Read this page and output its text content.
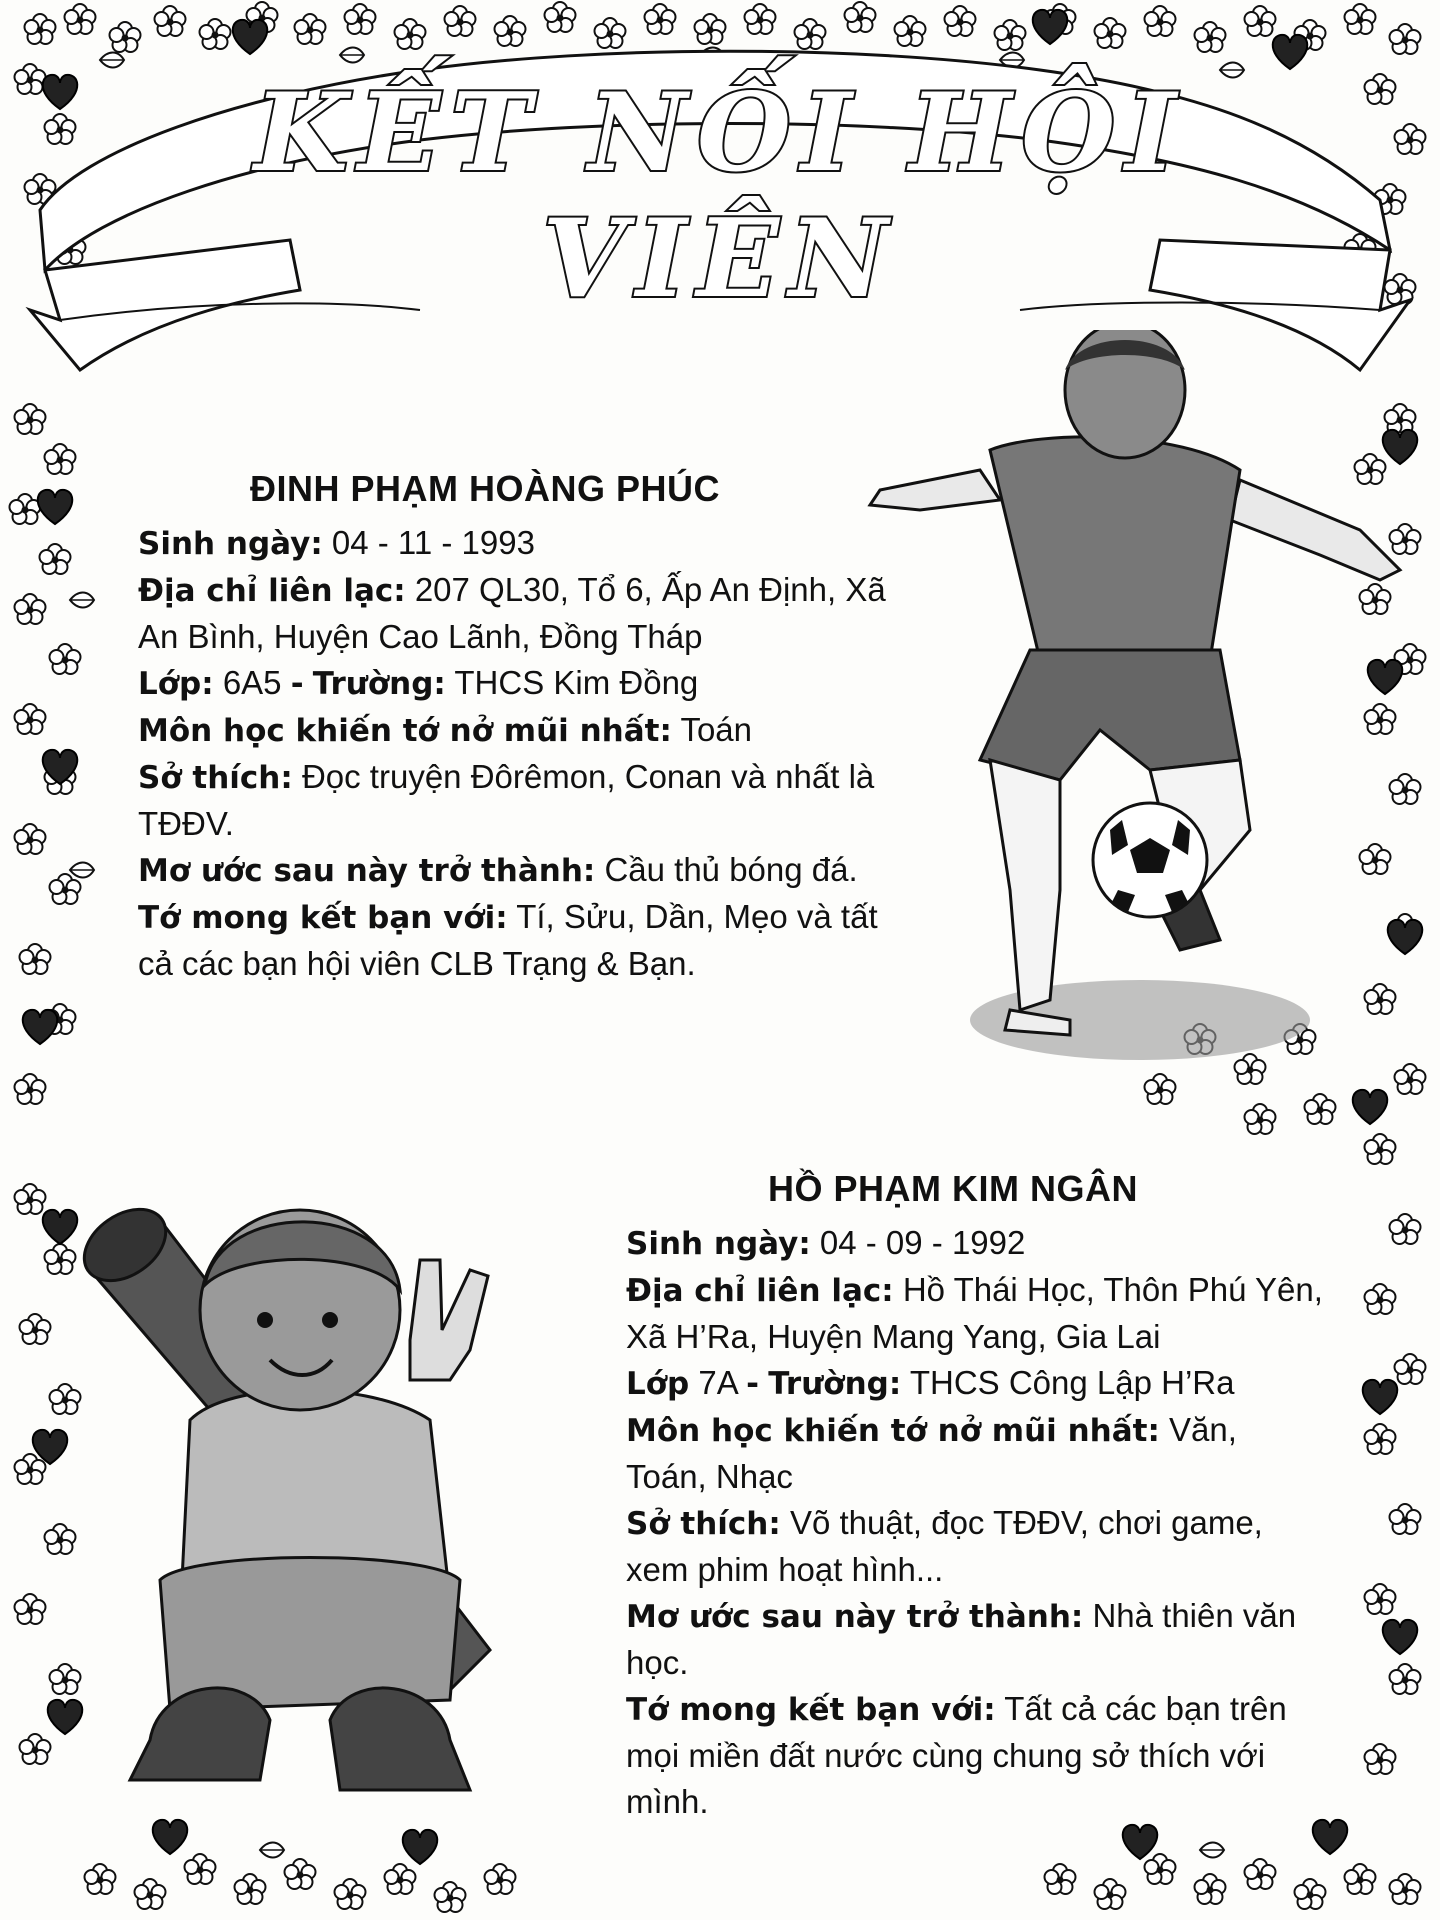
KẾT NỐI HỘI VIÊN

ĐINH PHẠM HOÀNG PHÚC

Sinh ngày: 04 - 11 - 1993

Địa chỉ liên lạc: 207 QL30, Tổ 6, Ấp An Định, Xã An Bình, Huyện Cao Lãnh, Đồng Tháp

Lớp: 6A5 - Trường: THCS Kim Đồng

Môn học khiến tớ nở mũi nhất: Toán

Sở thích: Đọc truyện Đôrêmon, Conan và nhất là TĐĐV.

Mơ ước sau này trở thành: Cầu thủ bóng đá.

Tớ mong kết bạn với: Tí, Sửu, Dần, Mẹo và tất cả các bạn hội viên CLB Trạng & Bạn.

HỒ PHẠM KIM NGÂN

Sinh ngày: 04 - 09 - 1992

Địa chỉ liên lạc: Hồ Thái Học, Thôn Phú Yên, Xã H’Ra, Huyện Mang Yang, Gia Lai

Lớp 7A - Trường: THCS Công Lập H’Ra

Môn học khiến tớ nở mũi nhất: Văn, Toán, Nhạc

Sở thích: Võ thuật, đọc TĐĐV, chơi game, xem phim hoạt hình...

Mơ ước sau này trở thành: Nhà thiên văn học.

Tớ mong kết bạn với: Tất cả các bạn trên mọi miền đất nước cùng chung sở thích với mình.
